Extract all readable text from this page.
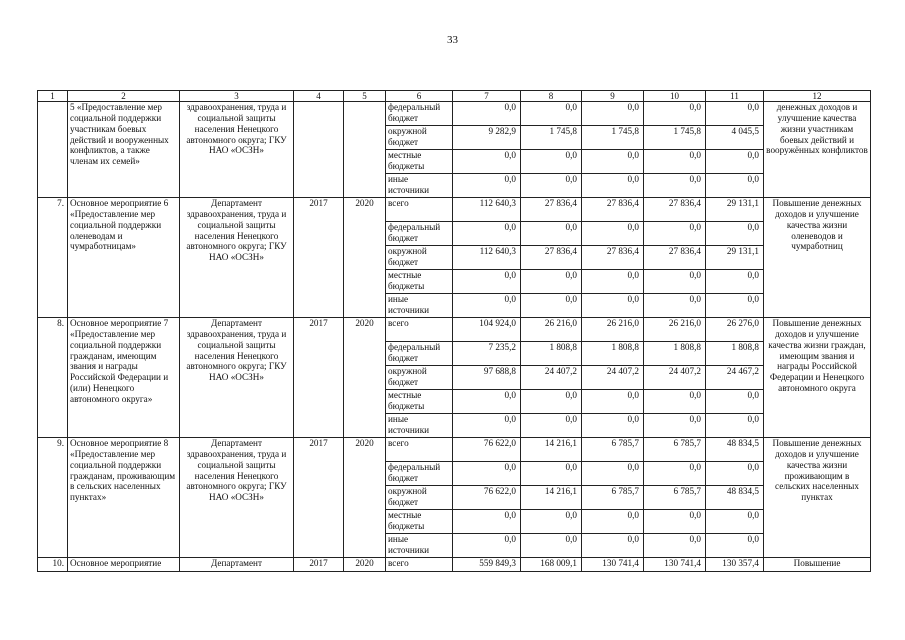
33
1	2	3	4	5	6	7	8	9	10	11	12
	5 «Предоставление мер социальной поддержки участникам боевых действий и вооруженных конфликтов, а также членам их семей»	здравоохранения, труда и социальной защиты населения Ненецкого автономного округа; ГКУ НАО «ОСЗН»			федеральный бюджет	0,0	0,0	0,0	0,0	0,0	денежных доходов и улучшение качества жизни участникам боевых действий и вооружённых конфликтов
					окружной бюджет	9 282,9	1 745,8	1 745,8	1 745,8	4 045,5	
					местные бюджеты	0,0	0,0	0,0	0,0	0,0	
					иные источники	0,0	0,0	0,0	0,0	0,0	
7.	Основное мероприятие 6 «Предоставление мер социальной поддержки оленеводам и чумработницам»	Департамент здравоохранения, труда и социальной защиты населения Ненецкого автономного округа; ГКУ НАО «ОСЗН»	2017	2020	всего	112 640,3	27 836,4	27 836,4	27 836,4	29 131,1	Повышение денежных доходов и улучшение качества жизни оленеводов и чумработниц
					федеральный бюджет	0,0	0,0	0,0	0,0	0,0	
					окружной бюджет	112 640,3	27 836,4	27 836,4	27 836,4	29 131,1	
					местные бюджеты	0,0	0,0	0,0	0,0	0,0	
					иные источники	0,0	0,0	0,0	0,0	0,0	
8.	Основное мероприятие 7 «Предоставление мер социальной поддержки гражданам, имеющим звания и награды Российской Федерации и (или) Ненецкого автономного округа»	Департамент здравоохранения, труда и социальной защиты населения Ненецкого автономного округа; ГКУ НАО «ОСЗН»	2017	2020	всего	104 924,0	26 216,0	26 216,0	26 216,0	26 276,0	Повышение денежных доходов и улучшение качества жизни граждан, имеющим звания и награды Российской Федерации и Ненецкого автономного округа
					федеральный бюджет	7 235,2	1 808,8	1 808,8	1 808,8	1 808,8	
					окружной бюджет	97 688,8	24 407,2	24 407,2	24 407,2	24 467,2	
					местные бюджеты	0,0	0,0	0,0	0,0	0,0	
					иные источники	0,0	0,0	0,0	0,0	0,0	
9.	Основное мероприятие 8 «Предоставление мер социальной поддержки гражданам, проживающим в сельских населенных пунктах»	Департамент здравоохранения, труда и социальной защиты населения Ненецкого автономного округа; ГКУ НАО «ОСЗН»	2017	2020	всего	76 622,0	14 216,1	6 785,7	6 785,7	48 834,5	Повышение денежных доходов и улучшение качества жизни проживающим в сельских населенных пунктах
					федеральный бюджет	0,0	0,0	0,0	0,0	0,0	
					окружной бюджет	76 622,0	14 216,1	6 785,7	6 785,7	48 834,5	
					местные бюджеты	0,0	0,0	0,0	0,0	0,0	
					иные источники	0,0	0,0	0,0	0,0	0,0	
10.	Основное мероприятие	Департамент	2017	2020	всего	559 849,3	168 009,1	130 741,4	130 741,4	130 357,4	Повышение
